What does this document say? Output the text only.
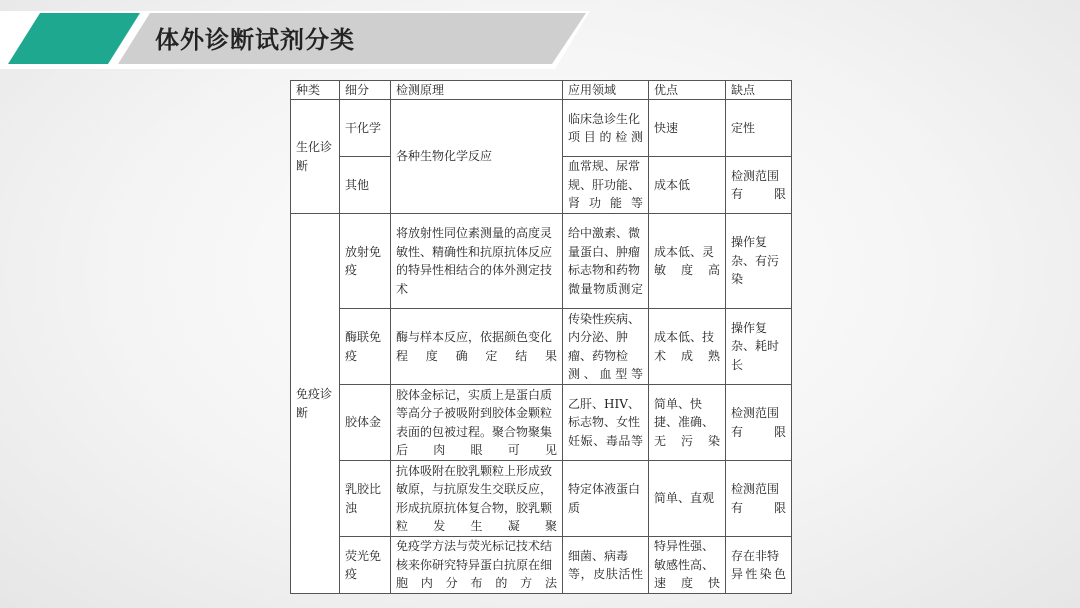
体外诊断试剂分类
种类	细分	检测原理	应用领域	优点	缺点
生化诊断	干化学	各种生物化学反应	临床急诊生化项目的检测	快速	定性
	其他		血常规、尿常规、肝功能、肾功能等	成本低	检测范围有限
免疫诊断	放射免疫	将放射性同位素测量的高度灵敏性、精确性和抗原抗体反应的特异性相结合的体外测定技术	给中激素、微量蛋白、肿瘤标志物和药物微量物质测定	成本低、灵敏度高	操作复杂、有污染
	酶联免疫	酶与样本反应，依据颜色变化程度确定结果	传染性疾病、内分泌、肿瘤、药物检测、血型等	成本低、技术成熟	操作复杂、耗时长
	胶体金	胶体金标记，实质上是蛋白质等高分子被吸附到胶体金颗粒表面的包被过程。聚合物聚集后肉眼可见	乙肝、HIV、标志物、女性妊娠、毒品等	简单、快捷、准确、无污染	检测范围有限
	乳胶比浊	抗体吸附在胶乳颗粒上形成致敏原，与抗原发生交联反应，形成抗原抗体复合物，胶乳颗粒发生凝聚	特定体液蛋白质	简单、直观	检测范围有限
	荧光免疫	免疫学方法与荧光标记技术结核来你研究特异蛋白抗原在细胞内分布的方法	细菌、病毒等，皮肤活性	特异性强、敏感性高、速度快	存在非特异性染色
